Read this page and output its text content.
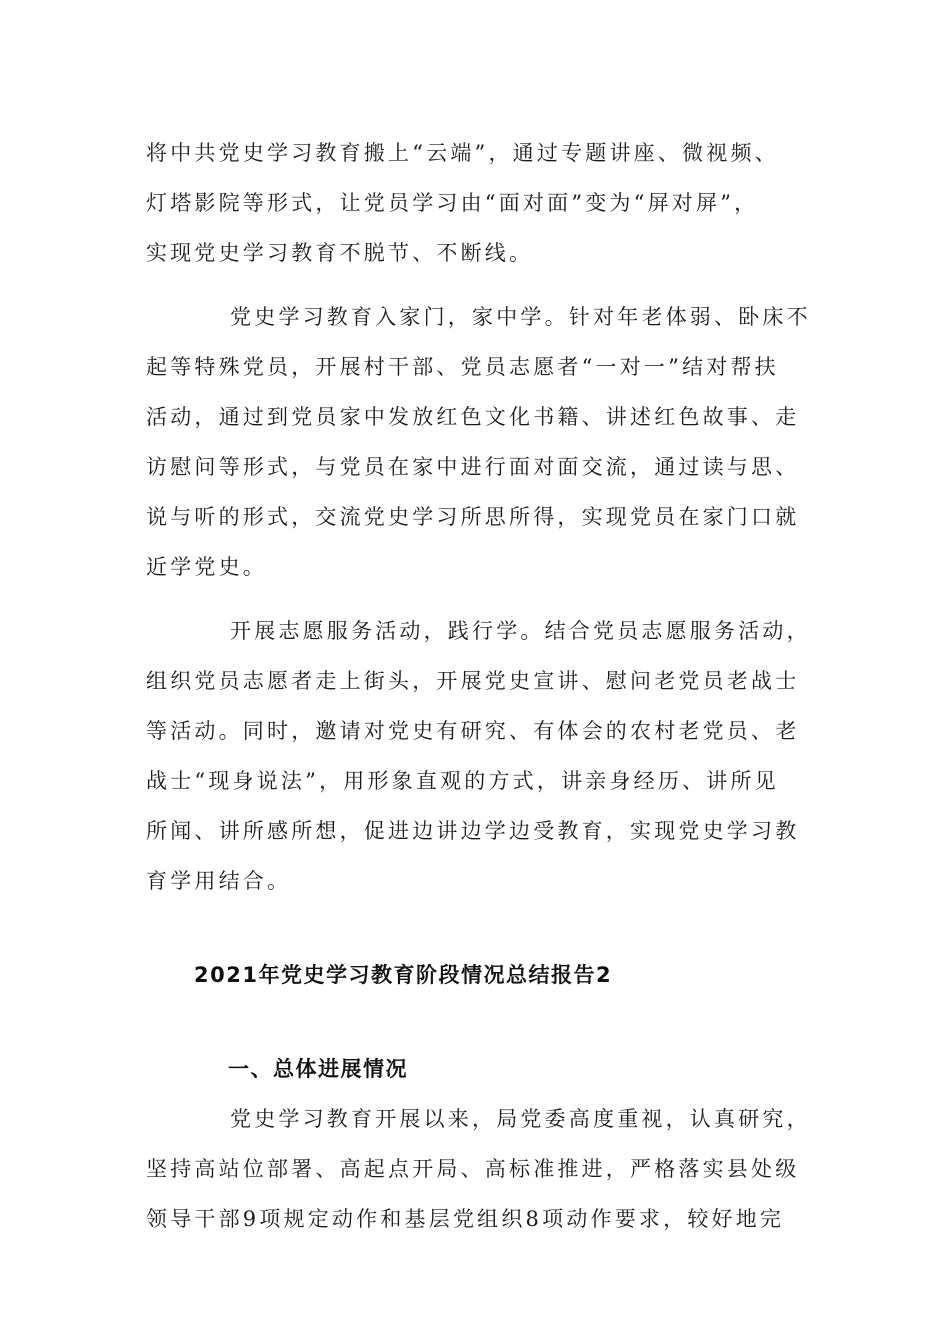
将中共党史学习教育搬上“云端”，通过专题讲座、微视频、
灯塔影院等形式，让党员学习由“面对面”变为“屏对屏”，
实现党史学习教育不脱节、不断线。
党史学习教育入家门，家中学。针对年老体弱、卧床不
起等特殊党员，开展村干部、党员志愿者“一对一”结对帮扶
活动，通过到党员家中发放红色文化书籍、讲述红色故事、走
访慰问等形式，与党员在家中进行面对面交流，通过读与思、
说与听的形式，交流党史学习所思所得，实现党员在家门口就
近学党史。
开展志愿服务活动，践行学。结合党员志愿服务活动，
组织党员志愿者走上街头，开展党史宣讲、慰问老党员老战士
等活动。同时，邀请对党史有研究、有体会的农村老党员、老
战士“现身说法”，用形象直观的方式，讲亲身经历、讲所见
所闻、讲所感所想，促进边讲边学边受教育，实现党史学习教
育学用结合。
2021年党史学习教育阶段情况总结报告2
一、总体进展情况
党史学习教育开展以来，局党委高度重视，认真研究，
坚持高站位部署、高起点开局、高标准推进，严格落实县处级
领导干部9项规定动作和基层党组织8项动作要求，较好地完
